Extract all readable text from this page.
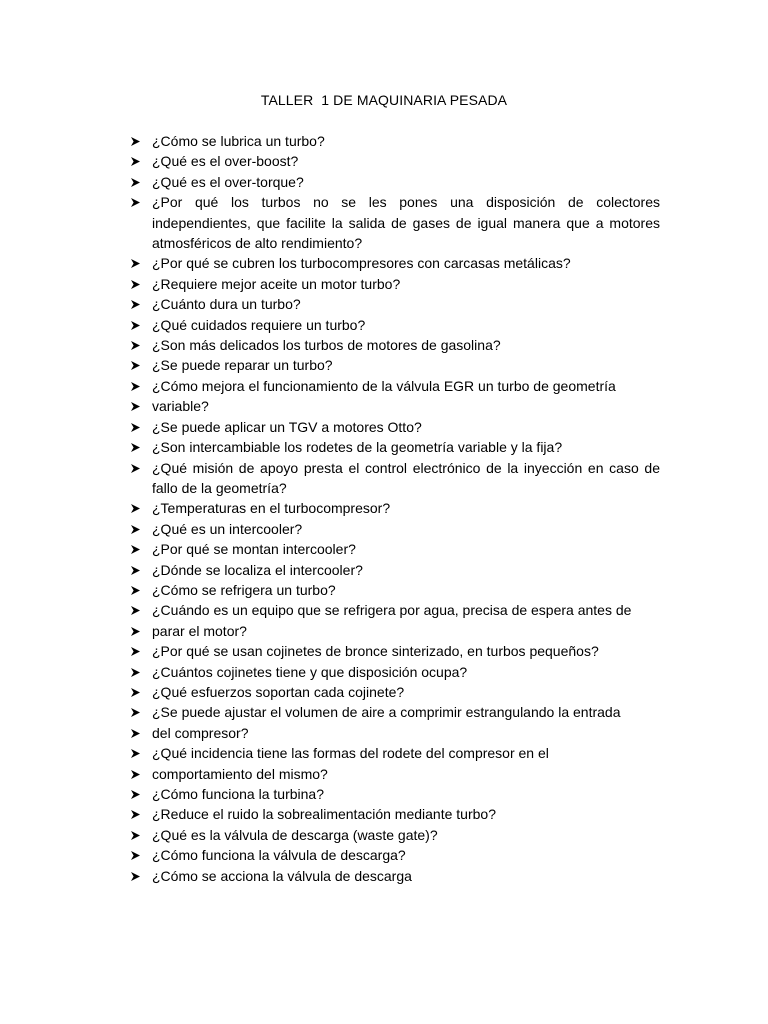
TALLER  1 DE MAQUINARIA PESADA
¿Cómo se lubrica un turbo?
¿Qué es el over-boost?
¿Qué es el over-torque?
¿Por qué los turbos no se les pones una disposición de colectores independientes, que facilite la salida de gases de igual manera que a motores atmosféricos de alto rendimiento?
¿Por qué se cubren los turbocompresores con carcasas metálicas?
¿Requiere mejor aceite un motor turbo?
¿Cuánto dura un turbo?
¿Qué cuidados requiere un turbo?
¿Son más delicados los turbos de motores de gasolina?
¿Se puede reparar un turbo?
¿Cómo mejora el funcionamiento de la válvula EGR un turbo de geometría
variable?
¿Se puede aplicar un TGV a motores Otto?
¿Son intercambiable los rodetes de la geometría variable y la fija?
¿Qué misión de apoyo presta el control electrónico de la inyección en caso de fallo de la geometría?
¿Temperaturas en el turbocompresor?
¿Qué es un intercooler?
¿Por qué se montan intercooler?
¿Dónde se localiza el intercooler?
¿Cómo se refrigera un turbo?
¿Cuándo es un equipo que se refrigera por agua, precisa de espera antes de
parar el motor?
¿Por qué se usan cojinetes de bronce sinterizado, en turbos pequeños?
¿Cuántos cojinetes tiene y que disposición ocupa?
¿Qué esfuerzos soportan cada cojinete?
¿Se puede ajustar el volumen de aire a comprimir estrangulando la entrada
del compresor?
¿Qué incidencia tiene las formas del rodete del compresor en el
comportamiento del mismo?
¿Cómo funciona la turbina?
¿Reduce el ruido la sobrealimentación mediante turbo?
¿Qué es la válvula de descarga (waste gate)?
¿Cómo funciona la válvula de descarga?
¿Cómo se acciona la válvula de descarga
